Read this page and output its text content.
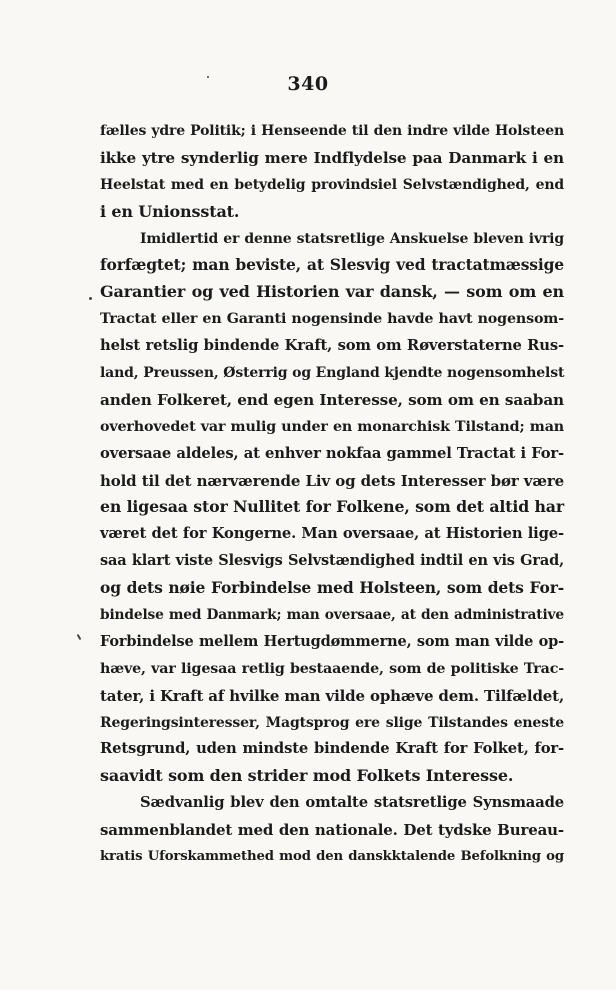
340
fælles ydre Politik; i Henseende til den indre vilde Holsteen
ikke ytre synderlig mere Indflydelse paa Danmark i en
Heelstat med en betydelig provindsiel Selvstændighed, end
i en Unionsstat.
Imidlertid er denne statsretlige Anskuelse bleven ivrig
forfægtet; man beviste, at Slesvig ved tractatmæssige
Garantier og ved Historien var dansk, — som om en
Tractat eller en Garanti nogensinde havde havt nogensom-
helst retslig bindende Kraft, som om Røverstaterne Rus-
land, Preussen, Østerrig og England kjendte nogensomhelst
anden Folkeret, end egen Interesse, som om en saaban
overhovedet var mulig under en monarchisk Tilstand; man
oversaae aldeles, at enhver nokfaa gammel Tractat i For-
hold til det nærværende Liv og dets Interesser bør være
en ligesaa stor Nullitet for Folkene, som det altid har
været det for Kongerne. Man oversaae, at Historien lige-
saa klart viste Slesvigs Selvstændighed indtil en vis Grad,
og dets nøie Forbindelse med Holsteen, som dets For-
bindelse med Danmark; man oversaae, at den administrative
Forbindelse mellem Hertugdømmerne, som man vilde op-
hæve, var ligesaa retlig bestaaende, som de politiske Trac-
tater, i Kraft af hvilke man vilde ophæve dem. Tilfældet,
Regeringsinteresser, Magtsprog ere slige Tilstandes eneste
Retsgrund, uden mindste bindende Kraft for Folket, for-
saavidt som den strider mod Folkets Interesse.
Sædvanlig blev den omtalte statsretlige Synsmaade
sammenblandet med den nationale. Det tydske Bureau-
kratis Uforskammethed mod den danskktalende Befolkning og
